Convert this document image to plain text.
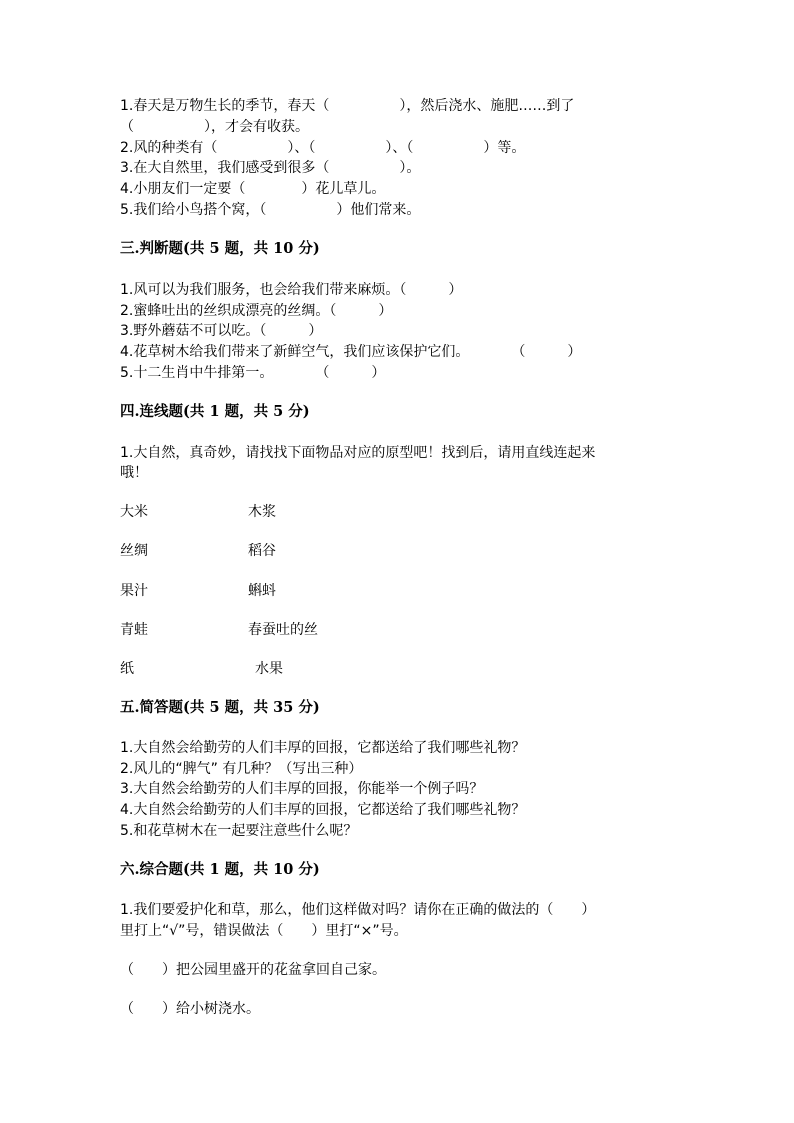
1.春天是万物生长的季节，春天（　　　　　），然后浇水、施肥……到了
（　　　　　），才会有收获。
2.风的种类有（　　　　　）、（　　　　　）、（　　　　　）等。
3.在大自然里，我们感受到很多（　　　　　）。
4.小朋友们一定要（　　　　）花儿草儿。
5.我们给小鸟搭个窝，（　　　　　）他们常来。
三.判断题(共 5 题，共 10 分)
1.风可以为我们服务，也会给我们带来麻烦。（　　　）
2.蜜蜂吐出的丝织成漂亮的丝绸。（　　　）
3.野外蘑菇不可以吃。（　　　）
4.花草树木给我们带来了新鲜空气，我们应该保护它们。　　　　（　　　）
5.十二生肖中牛排第一。　　　　（　　　）
四.连线题(共 1 题，共 5 分)
1.大自然，真奇妙，请找找下面物品对应的原型吧！找到后，请用直线连起来
哦！
大米	木浆
丝绸	稻谷
果汁	蝌蚪
青蛙	春蚕吐的丝
纸	水果
五.简答题(共 5 题，共 35 分)
1.大自然会给勤劳的人们丰厚的回报，它都送给了我们哪些礼物？
2.风儿的“脾气” 有几种？（写出三种）
3.大自然会给勤劳的人们丰厚的回报，你能举一个例子吗？
4.大自然会给勤劳的人们丰厚的回报，它都送给了我们哪些礼物？
5.和花草树木在一起要注意些什么呢？
六.综合题(共 1 题，共 10 分)
1.我们要爱护化和草，那么，他们这样做对吗？请你在正确的做法的（　　）
里打上“√”号，错误做法（　　）里打“×”号。
（　　）把公园里盛开的花盆拿回自己家。
（　　）给小树浇水。
